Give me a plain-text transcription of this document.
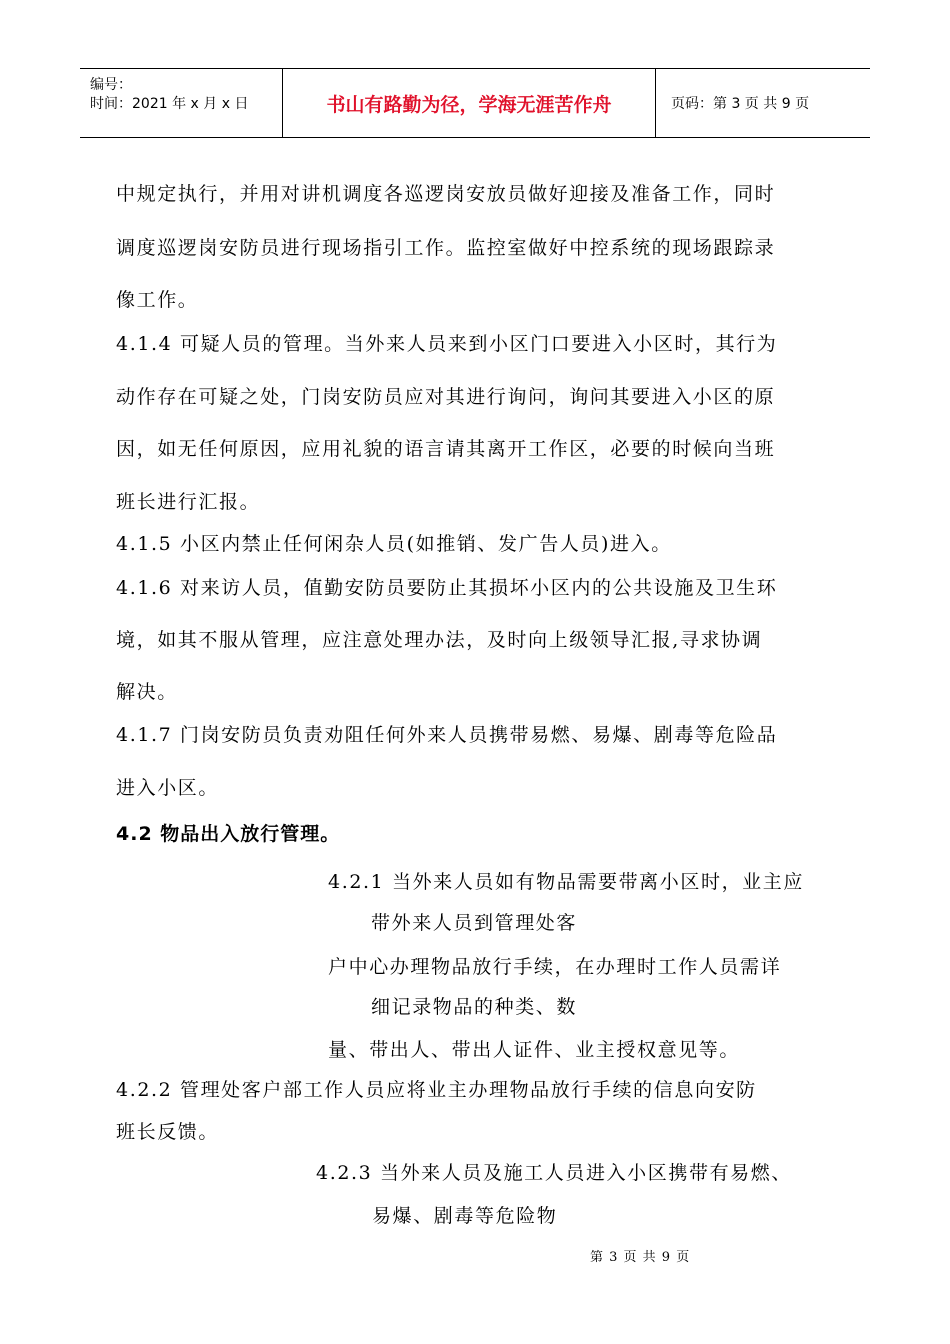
编号：
时间：2021 年 x 月 x 日	书山有路勤为径，学海无涯苦作舟	页码：第 3 页 共 9 页
中规定执行，并用对讲机调度各巡逻岗安放员做好迎接及准备工作，同时
调度巡逻岗安防员进行现场指引工作。监控室做好中控系统的现场跟踪录
像工作。
4.1.4 可疑人员的管理。当外来人员来到小区门口要进入小区时，其行为
动作存在可疑之处，门岗安防员应对其进行询问，询问其要进入小区的原
因，如无任何原因，应用礼貌的语言请其离开工作区，必要的时候向当班
班长进行汇报。
4.1.5 小区内禁止任何闲杂人员(如推销、发广告人员)进入。
4.1.6 对来访人员，值勤安防员要防止其损坏小区内的公共设施及卫生环
境，如其不服从管理，应注意处理办法，及时向上级领导汇报,寻求协调
解决。
4.1.7 门岗安防员负责劝阻任何外来人员携带易燃、易爆、剧毒等危险品
进入小区。
4.2 物品出入放行管理。
4.2.1 当外来人员如有物品需要带离小区时，业主应
带外来人员到管理处客
户中心办理物品放行手续，在办理时工作人员需详
细记录物品的种类、数
量、带出人、带出人证件、业主授权意见等。
4.2.2 管理处客户部工作人员应将业主办理物品放行手续的信息向安防
班长反馈。
4.2.3 当外来人员及施工人员进入小区携带有易燃、
易爆、剧毒等危险物
第 3 页 共 9 页
